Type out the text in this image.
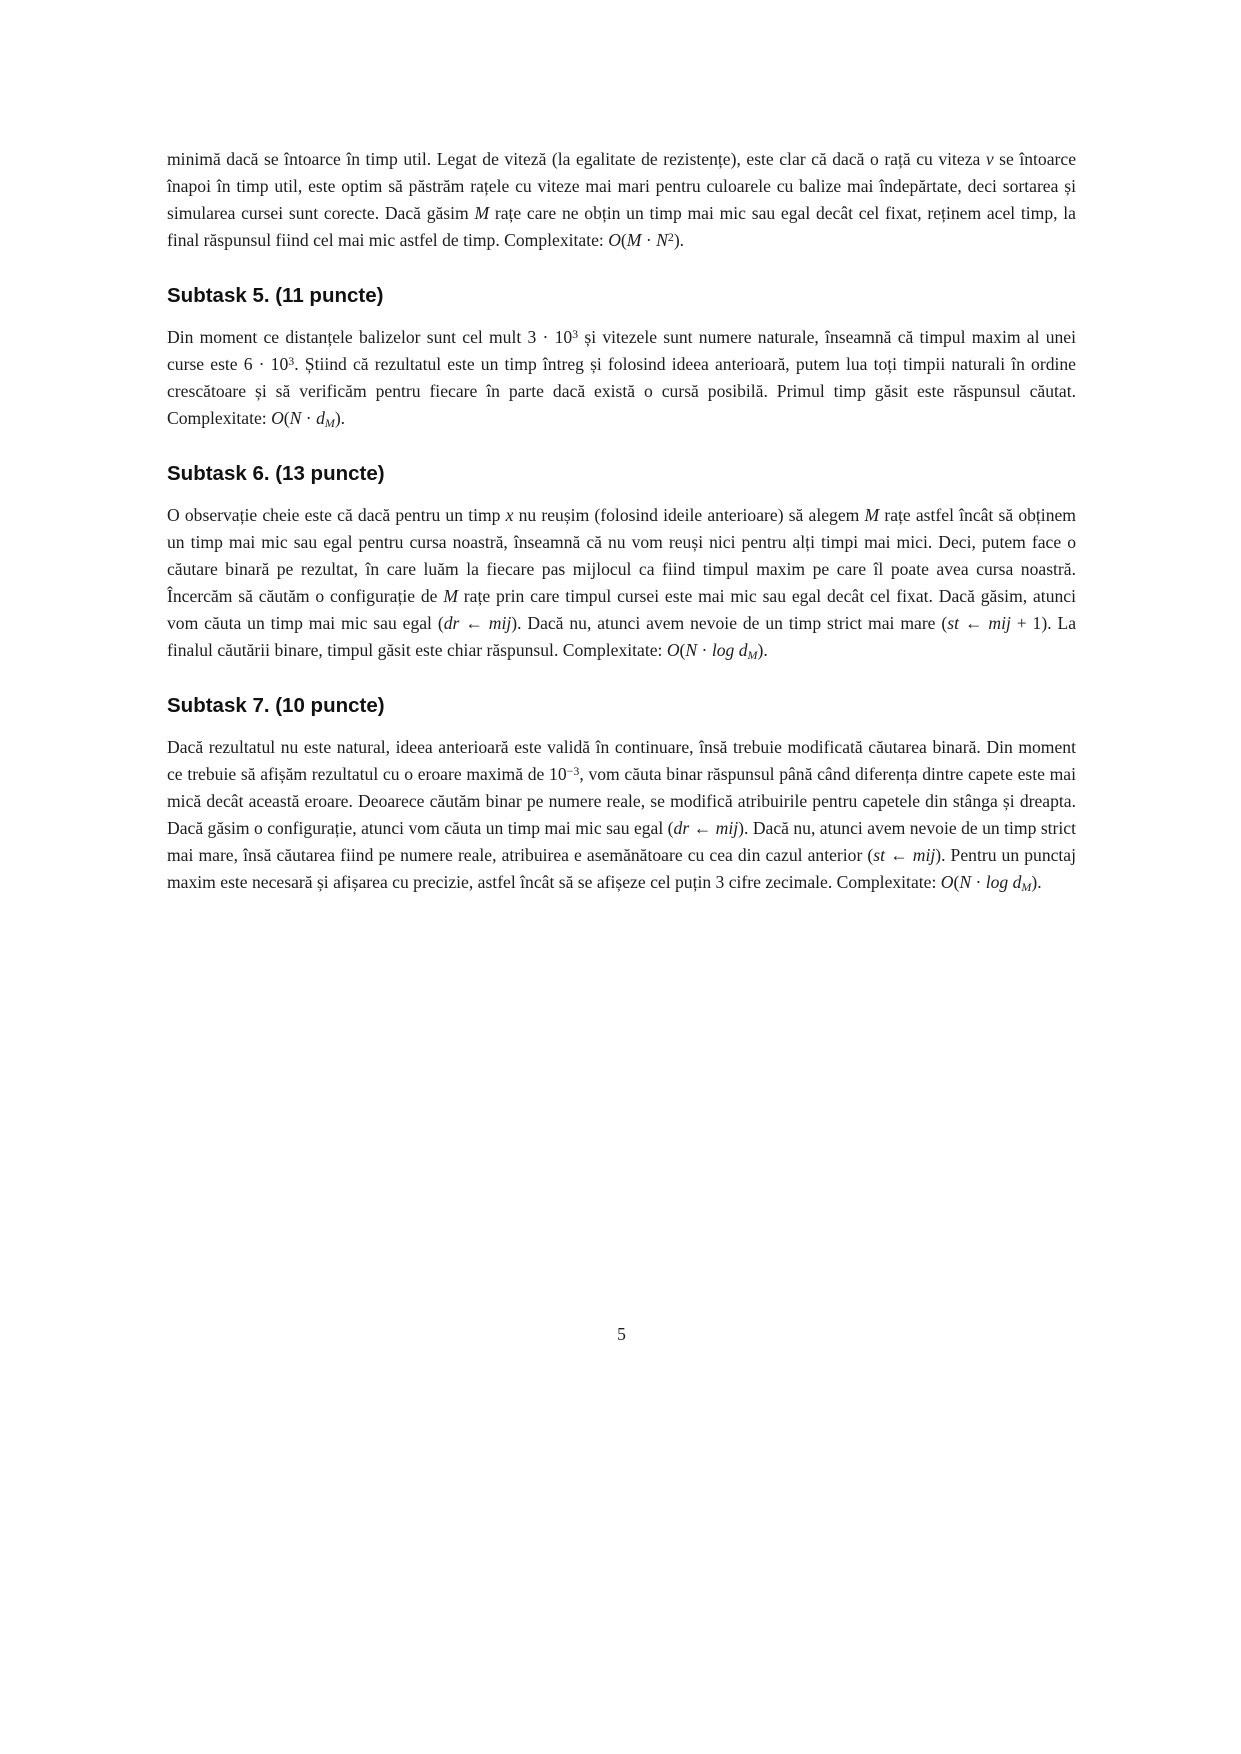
minimă dacă se întoarce în timp util. Legat de viteză (la egalitate de rezistențe), este clar că dacă o rață cu viteza v se întoarce înapoi în timp util, este optim să păstrăm rațele cu viteze mai mari pentru culoarele cu balize mai îndepărtate, deci sortarea și simularea cursei sunt corecte. Dacă găsim M rațe care ne obțin un timp mai mic sau egal decât cel fixat, reținem acel timp, la final răspunsul fiind cel mai mic astfel de timp. Complexitate: $O(M \cdot N^2)$.

Subtask 5. (11 puncte)

Din moment ce distanțele balizelor sunt cel mult $3 \cdot 10^3$ și vitezele sunt numere naturale, înseamnă că timpul maxim al unei curse este $6 \cdot 10^3$. Știind că rezultatul este un timp întreg și folosind ideea anterioară, putem lua toți timpii naturali în ordine crescătoare și să verificăm pentru fiecare în parte dacă există o cursă posibilă. Primul timp găsit este răspunsul căutat. Complexitate: $O(N \cdot d_M)$.

Subtask 6. (13 puncte)

O observație cheie este că dacă pentru un timp x nu reușim (folosind ideile anterioare) să alegem M rațe astfel încât să obținem un timp mai mic sau egal pentru cursa noastră, înseamnă că nu vom reuși nici pentru alți timpi mai mici. Deci, putem face o căutare binară pe rezultat, în care luăm la fiecare pas mijlocul ca fiind timpul maxim pe care îl poate avea cursa noastră. Încercăm să căutăm o configurație de M rațe prin care timpul cursei este mai mic sau egal decât cel fixat. Dacă găsim, atunci vom căuta un timp mai mic sau egal (dr ← mij). Dacă nu, atunci avem nevoie de un timp strict mai mare (st ← mij + 1). La finalul căutării binare, timpul găsit este chiar răspunsul. Complexitate: $O(N \cdot \log d_M)$.

Subtask 7. (10 puncte)

Dacă rezultatul nu este natural, ideea anterioară este validă în continuare, însă trebuie modificată căutarea binară. Din moment ce trebuie să afișăm rezultatul cu o eroare maximă de $10^{-3}$, vom căuta binar răspunsul până când diferența dintre capete este mai mică decât această eroare. Deoarece căutăm binar pe numere reale, se modifică atribuirile pentru capetele din stânga și dreapta. Dacă găsim o configurație, atunci vom căuta un timp mai mic sau egal (dr ← mij). Dacă nu, atunci avem nevoie de un timp strict mai mare, însă căutarea fiind pe numere reale, atribuirea e asemănătoare cu cea din cazul anterior (st ← mij). Pentru un punctaj maxim este necesară și afișarea cu precizie, astfel încât să se afișeze cel puțin 3 cifre zecimale. Complexitate: $O(N \cdot \log d_M)$.

5
